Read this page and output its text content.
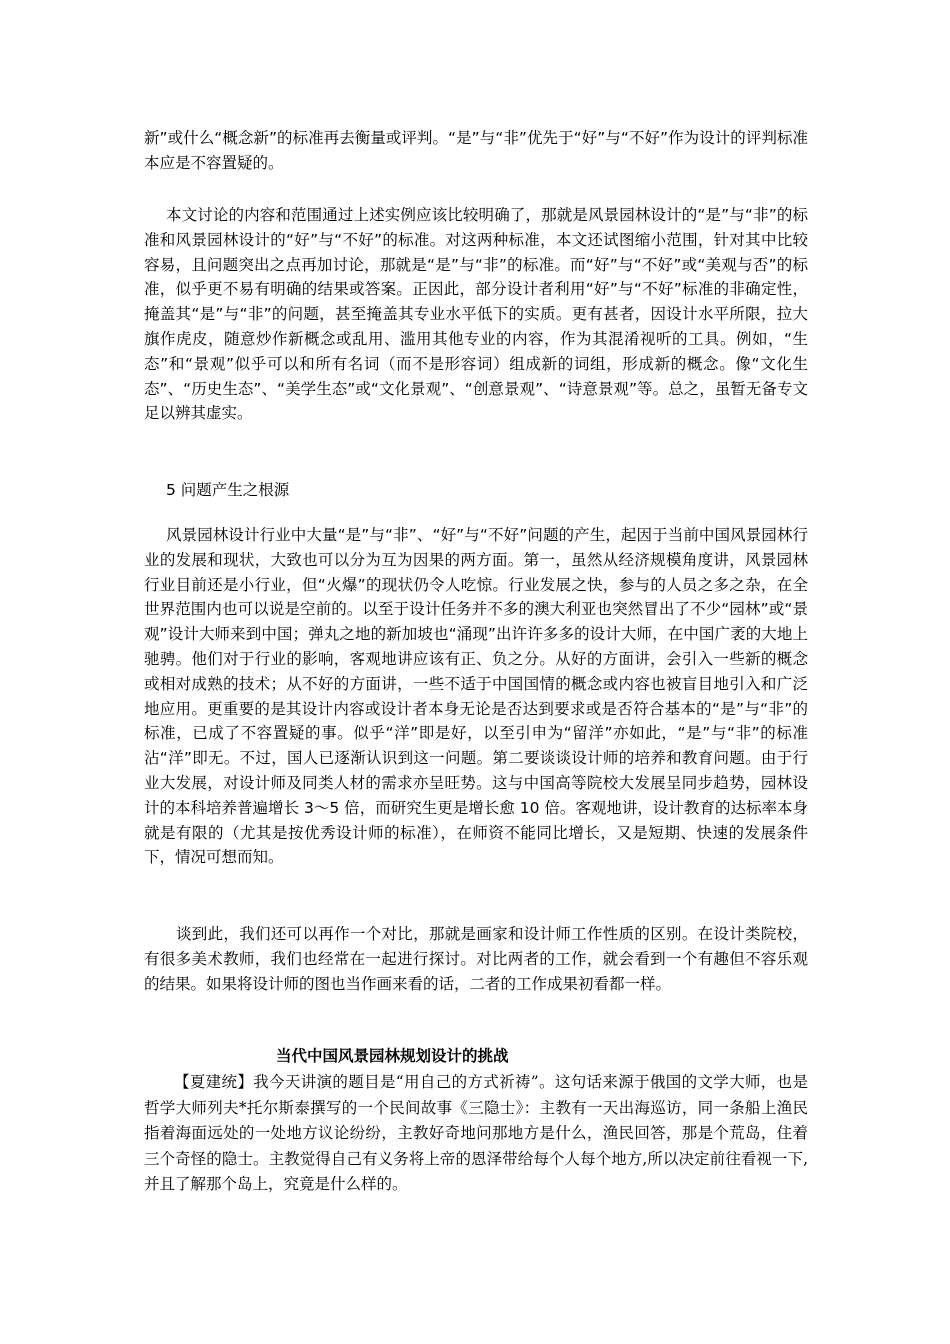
新”或什么“概念新”的标准再去衡量或评判。“是”与“非”优先于“好”与“不好”作为设计的评判标准本应是不容置疑的。

本文讨论的内容和范围通过上述实例应该比较明确了，那就是风景园林设计的“是”与“非”的标准和风景园林设计的“好”与“不好”的标准。对这两种标准，本文还试图缩小范围，针对其中比较容易，且问题突出之点再加讨论，那就是“是”与“非”的标准。而“好”与“不好”或“美观与否”的标准，似乎更不易有明确的结果或答案。正因此，部分设计者利用“好”与“不好”标准的非确定性，掩盖其“是”与“非”的问题，甚至掩盖其专业水平低下的实质。更有甚者，因设计水平所限，拉大旗作虎皮，随意炒作新概念或乱用、滥用其他专业的内容，作为其混淆视听的工具。例如，“生态”和“景观”似乎可以和所有名词（而不是形容词）组成新的词组，形成新的概念。像“文化生态”、“历史生态”、“美学生态”或“文化景观”、“创意景观”、“诗意景观”等。总之，虽暂无备专文足以辨其虚实。

5 问题产生之根源

风景园林设计行业中大量“是”与“非”、“好”与“不好”问题的产生，起因于当前中国风景园林行业的发展和现状，大致也可以分为互为因果的两方面。第一，虽然从经济规模角度讲，风景园林行业目前还是小行业，但“火爆”的现状仍令人吃惊。行业发展之快，参与的人员之多之杂，在全世界范围内也可以说是空前的。以至于设计任务并不多的澳大利亚也突然冒出了不少“园林”或“景观”设计大师来到中国；弹丸之地的新加坡也“涌现”出许许多多的设计大师，在中国广袤的大地上驰骋。他们对于行业的影响，客观地讲应该有正、负之分。从好的方面讲，会引入一些新的概念或相对成熟的技术；从不好的方面讲，一些不适于中国国情的概念或内容也被盲目地引入和广泛地应用。更重要的是其设计内容或设计者本身无论是否达到要求或是否符合基本的“是”与“非”的标准，已成了不容置疑的事。似乎“洋”即是好，以至引申为“留洋”亦如此，“是”与“非”的标准沾“洋”即无。不过，国人已逐渐认识到这一问题。第二要谈谈设计师的培养和教育问题。由于行业大发展，对设计师及同类人材的需求亦呈旺势。这与中国高等院校大发展呈同步趋势，园林设计的本科培养普遍增长 3～5 倍，而研究生更是增长愈 10 倍。客观地讲，设计教育的达标率本身就是有限的（尤其是按优秀设计师的标准），在师资不能同比增长，又是短期、快速的发展条件下，情况可想而知。

谈到此，我们还可以再作一个对比，那就是画家和设计师工作性质的区别。在设计类院校，有很多美术教师，我们也经常在一起进行探讨。对比两者的工作，就会看到一个有趣但不容乐观的结果。如果将设计师的图也当作画来看的话，二者的工作成果初看都一样。

当代中国风景园林规划设计的挑战

【夏建统】我今天讲演的题目是“用自己的方式祈祷”。这句话来源于俄国的文学大师，也是哲学大师列夫*托尔斯泰撰写的一个民间故事《三隐士》：主教有一天出海巡访，同一条船上渔民指着海面远处的一处地方议论纷纷，主教好奇地问那地方是什么，渔民回答，那是个荒岛，住着三个奇怪的隐士。主教觉得自己有义务将上帝的恩泽带给每个人每个地方,所以决定前往看视一下,并且了解那个岛上，究竟是什么样的。
